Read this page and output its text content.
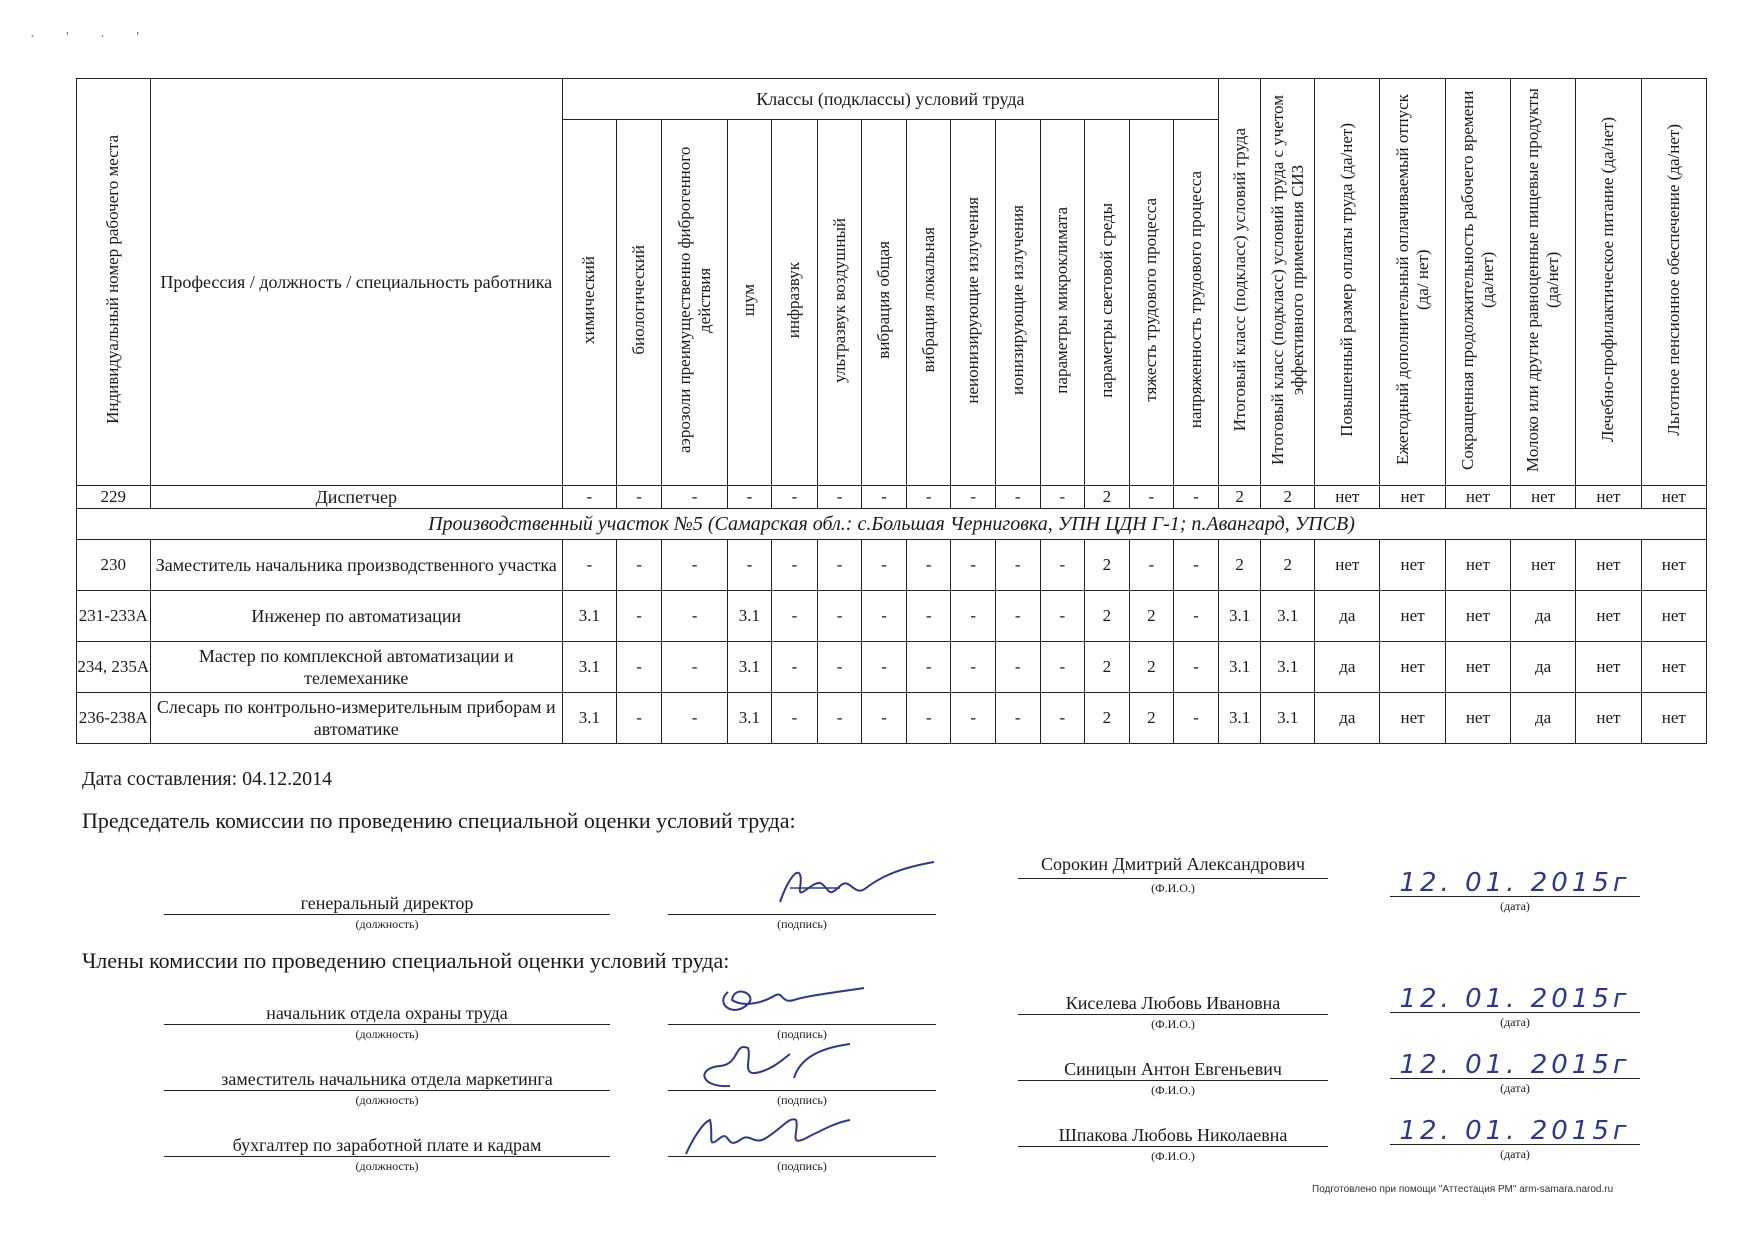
· ' · '
Индивидуальный номер рабочего места	Профессия / должность / специальность работника	Классы (подклассы) условий труда														Итоговый класс (подкласс) условий труда	Итоговый класс (подкласс) условий труда с учетом эффективного применения СИЗ	Повышенный размер оплаты труда (да/нет)	Ежегодный дополнительный оплачиваемый отпуск (да/ нет)	Сокращенная продолжительность рабочего времени (да/нет)	Молоко или другие равноценные пищевые продукты (да/нет)	Лечебно-профилактическое питание (да/нет)	Льготное пенсионное обеспечение (да/нет)
		химический	биологический	аэрозоли преимущественно фиброгенного действия	шум	инфразвук	ультразвук воздушный	вибрация общая	вибрация локальная	неионизирующие излучения	ионизирующие излучения	параметры микроклимата	параметры световой среды	тяжесть трудового процесса	напряженность трудового процесса								
229	Диспетчер	-	-	-	-	-	-	-	-	-	-	-	2	-	-	2	2	нет	нет	нет	нет	нет	нет
Производственный участок №5 (Самарская обл.: с.Большая Черниговка, УПН ЦДН Г-1; п.Авангард, УПСВ)																							
230	Заместитель начальника производственного участка	-	-	-	-	-	-	-	-	-	-	-	2	-	-	2	2	нет	нет	нет	нет	нет	нет
231-233А	Инженер по автоматизации	3.1	-	-	3.1	-	-	-	-	-	-	-	2	2	-	3.1	3.1	да	нет	нет	да	нет	нет
234, 235А	Мастер по комплексной автоматизации и телемеханике	3.1	-	-	3.1	-	-	-	-	-	-	-	2	2	-	3.1	3.1	да	нет	нет	да	нет	нет
236-238А	Слесарь по контрольно-измерительным приборам и автоматике	3.1	-	-	3.1	-	-	-	-	-	-	-	2	2	-	3.1	3.1	да	нет	нет	да	нет	нет
Дата составления: 04.12.2014
Председатель комиссии по проведению специальной оценки условий труда:
генеральный директор
(должность)	(подпись)
Сорокин Дмитрий Александрович
(Ф.И.О.)	12. 01. 2015г
(дата)
Члены комиссии по проведению специальной оценки условий труда:
начальник отдела охраны труда
(должность)	(подпись)
Киселева Любовь Ивановна
(Ф.И.О.)
12. 01. 2015г
(дата)
заместитель начальника отдела маркетинга
(должность)	(подпись)
Синицын Антон Евгеньевич
(Ф.И.О.)
12. 01. 2015г
(дата)
бухгалтер по заработной плате и кадрам
(должность)	(подпись)
Шпакова Любовь Николаевна
(Ф.И.О.)
12. 01. 2015г
(дата)
Подготовлено при помощи "Аттестация РМ" arm-samara.narod.ru
